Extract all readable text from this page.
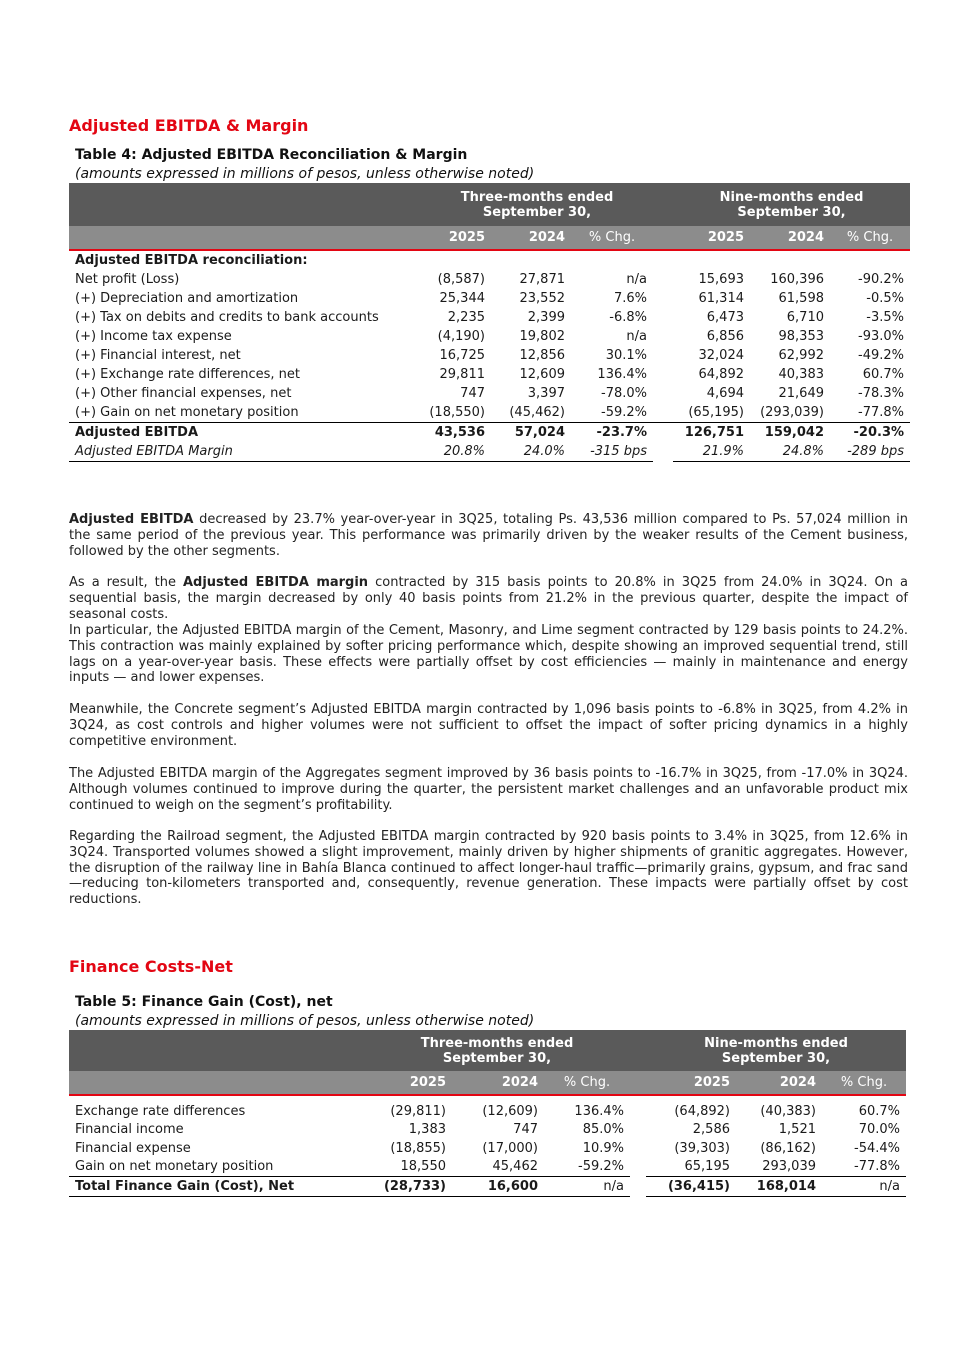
Adjusted EBITDA & Margin
Table 4: Adjusted EBITDA Reconciliation & Margin
(amounts expressed in millions of pesos, unless otherwise noted)
	Three-months ended
September 30,				Nine-months ended
September 30,		
	2025	2024	% Chg.		2025	2024	% Chg.
Adjusted EBITDA reconciliation:							
Net profit (Loss)	(8,587)	27,871	n/a		15,693	160,396	-90.2%
(+) Depreciation and amortization	25,344	23,552	7.6%		61,314	61,598	-0.5%
(+) Tax on debits and credits to bank accounts	2,235	2,399	-6.8%		6,473	6,710	-3.5%
(+) Income tax expense	(4,190)	19,802	n/a		6,856	98,353	-93.0%
(+) Financial interest, net	16,725	12,856	30.1%		32,024	62,992	-49.2%
(+) Exchange rate differences, net	29,811	12,609	136.4%		64,892	40,383	60.7%
(+) Other financial expenses, net	747	3,397	-78.0%		4,694	21,649	-78.3%
(+) Gain on net monetary position	(18,550)	(45,462)	-59.2%		(65,195)	(293,039)	-77.8%
Adjusted EBITDA	43,536	57,024	-23.7%		126,751	159,042	-20.3%
Adjusted EBITDA Margin	20.8%	24.0%	-315 bps		21.9%	24.8%	-289 bps
Adjusted EBITDA decreased by 23.7% year-over-year in 3Q25, totaling Ps. 43,536 million compared to Ps. 57,024 million in the same period of the previous year. This performance was primarily driven by the weaker results of the Cement business, followed by the other segments.
As a result, the Adjusted EBITDA margin contracted by 315 basis points to 20.8% in 3Q25 from 24.0% in 3Q24. On a sequential basis, the margin decreased by only 40 basis points from 21.2% in the previous quarter, despite the impact of seasonal costs.
In particular, the Adjusted EBITDA margin of the Cement, Masonry, and Lime segment contracted by 129 basis points to 24.2%. This contraction was mainly explained by softer pricing performance which, despite showing an improved sequential trend, still lags on a year-over-year basis. These effects were partially offset by cost efficiencies — mainly in maintenance and energy inputs — and lower expenses.
Meanwhile, the Concrete segment’s Adjusted EBITDA margin contracted by 1,096 basis points to -6.8% in 3Q25, from 4.2% in 3Q24, as cost controls and higher volumes were not sufficient to offset the impact of softer pricing dynamics in a highly competitive environment.
The Adjusted EBITDA margin of the Aggregates segment improved by 36 basis points to -16.7% in 3Q25, from -17.0% in 3Q24. Although volumes continued to improve during the quarter, the persistent market challenges and an unfavorable product mix continued to weigh on the segment’s profitability.
Regarding the Railroad segment, the Adjusted EBITDA margin contracted by 920 basis points to 3.4% in 3Q25, from 12.6% in 3Q24. Transported volumes showed a slight improvement, mainly driven by higher shipments of granitic aggregates. However, the disruption of the railway line in Bahía Blanca continued to affect longer-haul traffic—primarily grains, gypsum, and frac sand—reducing ton-kilometers transported and, consequently, revenue generation. These impacts were partially offset by cost reductions.
Finance Costs-Net
Table 5: Finance Gain (Cost), net
(amounts expressed in millions of pesos, unless otherwise noted)
	Three-months ended
September 30,				Nine-months ended
September 30,		
	2025	2024	% Chg.		2025	2024	% Chg.

Exchange rate differences	(29,811)	(12,609)	136.4%		(64,892)	(40,383)	60.7%
Financial income	1,383	747	85.0%		2,586	1,521	70.0%
Financial expense	(18,855)	(17,000)	10.9%		(39,303)	(86,162)	-54.4%
Gain on net monetary position	18,550	45,462	-59.2%		65,195	293,039	-77.8%
Total Finance Gain (Cost), Net	(28,733)	16,600	n/a		(36,415)	168,014	n/a
